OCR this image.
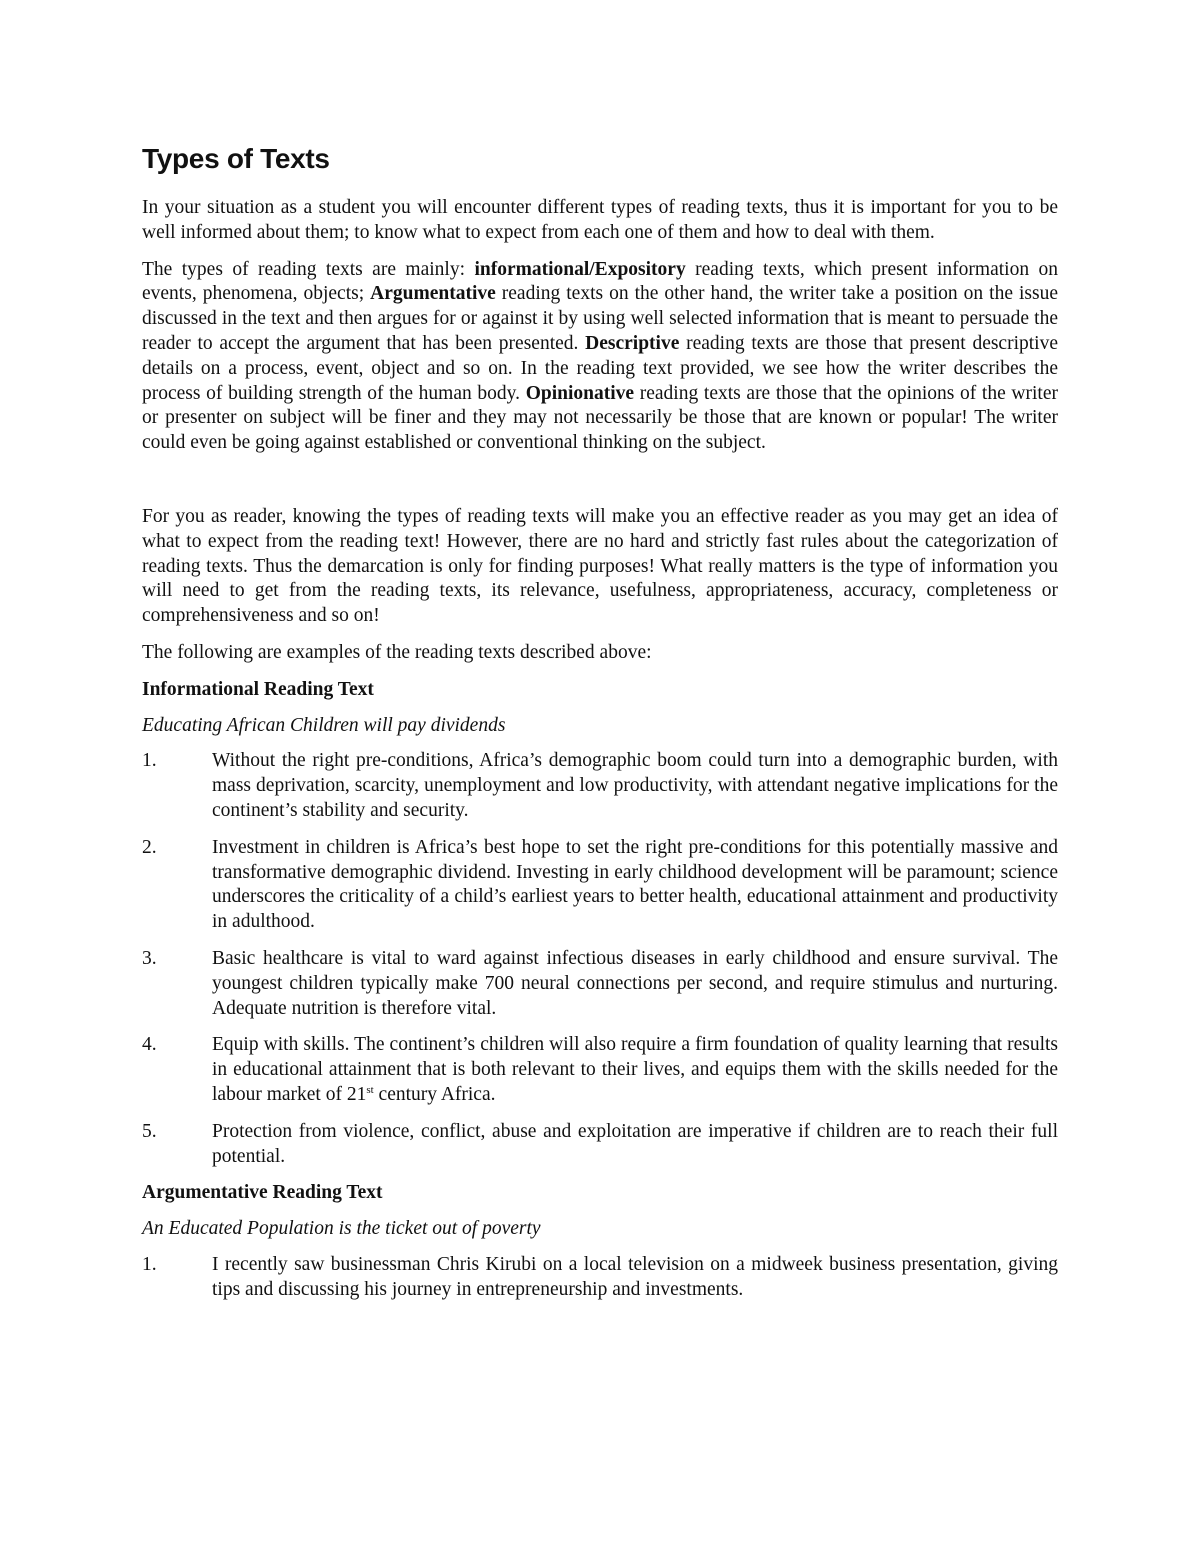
Types of Texts

In your situation as a student you will encounter different types of reading texts, thus it is important for you to be well informed about them; to know what to expect from each one of them and how to deal with them.

The types of reading texts are mainly: informational/Expository reading texts, which present information on events, phenomena, objects; Argumentative reading texts on the other hand, the writer take a position on the issue discussed in the text and then argues for or against it by using well selected information that is meant to persuade the reader to accept the argument that has been presented. Descriptive reading texts are those that present descriptive details on a process, event, object and so on. In the reading text provided, we see how the writer describes the process of building strength of the human body. Opinionative reading texts are those that the opinions of the writer or presenter on subject will be finer and they may not necessarily be those that are known or popular! The writer could even be going against established or conventional thinking on the subject.

For you as reader, knowing the types of reading texts will make you an effective reader as you may get an idea of what to expect from the reading text! However, there are no hard and strictly fast rules about the categorization of reading texts. Thus the demarcation is only for finding purposes! What really matters is the type of information you will need to get from the reading texts, its relevance, usefulness, appropriateness, accuracy, completeness or comprehensiveness and so on!

The following are examples of the reading texts described above:

Informational Reading Text
Educating African Children will pay dividends
1.	Without the right pre-conditions, Africa’s demographic boom could turn into a demographic burden, with mass deprivation, scarcity, unemployment and low productivity, with attendant negative implications for the continent’s stability and security.
2.	Investment in children is Africa’s best hope to set the right pre-conditions for this potentially massive and transformative demographic dividend. Investing in early childhood development will be paramount; science underscores the criticality of a child’s earliest years to better health, educational attainment and productivity in adulthood.
3.	Basic healthcare is vital to ward against infectious diseases in early childhood and ensure survival. The youngest children typically make 700 neural connections per second, and require stimulus and nurturing. Adequate nutrition is therefore vital.
4.	Equip with skills. The continent’s children will also require a firm foundation of quality learning that results in educational attainment that is both relevant to their lives, and equips them with the skills needed for the labour market of 21st century Africa.
5.	Protection from violence, conflict, abuse and exploitation are imperative if children are to reach their full potential.
Argumentative Reading Text
An Educated Population is the ticket out of poverty
1.	I recently saw businessman Chris Kirubi on a local television on a midweek business presentation, giving tips and discussing his journey in entrepreneurship and investments.
